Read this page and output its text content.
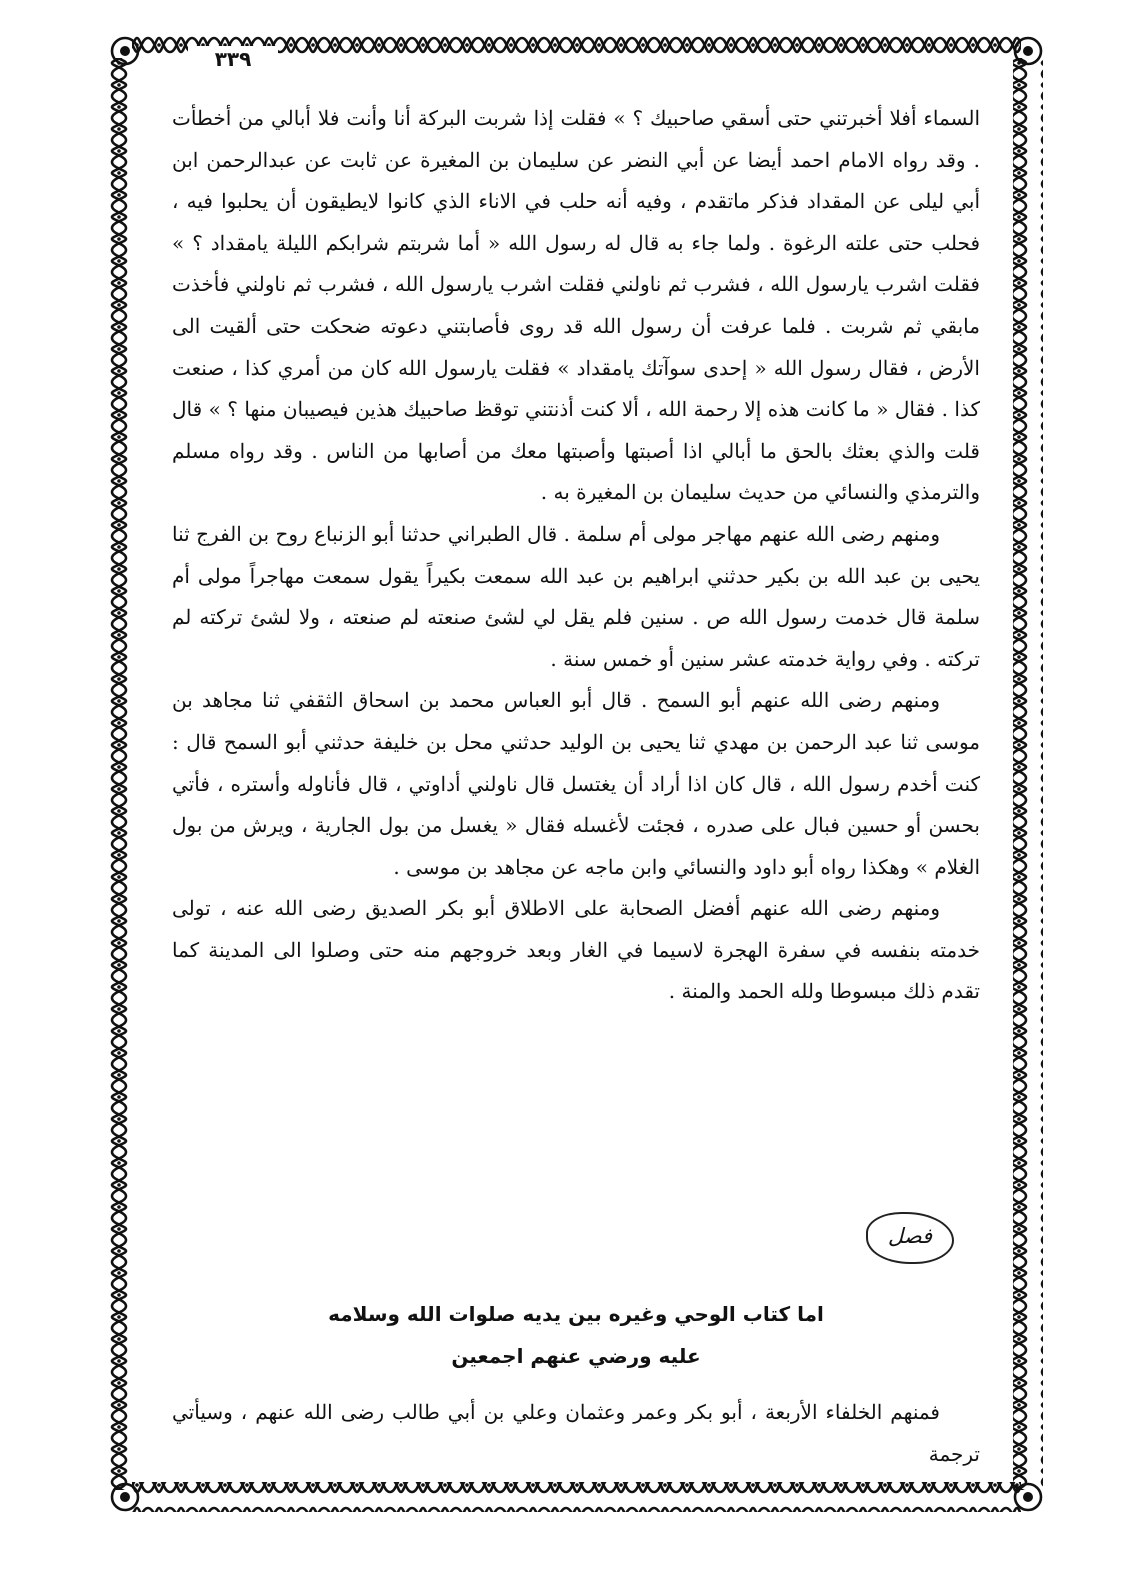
٣٣٩

السماء أفلا أخبرتني حتى أسقي صاحبيك ؟ » فقلت إذا شربت البركة أنا وأنت فلا أبالي من أخطأت . وقد رواه الامام احمد أيضا عن أبي النضر عن سليمان بن المغيرة عن ثابت عن عبدالرحمن ابن أبي ليلى عن المقداد فذكر ماتقدم ، وفيه أنه حلب في الاناء الذي كانوا لايطيقون أن يحلبوا فيه ، فحلب حتى علته الرغوة . ولما جاء به قال له رسول الله « أما شربتم شرابكم الليلة يامقداد ؟ » فقلت اشرب يارسول الله ، فشرب ثم ناولني فقلت اشرب يارسول الله ، فشرب ثم ناولني فأخذت مابقي ثم شربت . فلما عرفت أن رسول الله قد روى فأصابتني دعوته ضحكت حتى ألقيت الى الأرض ، فقال رسول الله « إحدى سوآتك يامقداد » فقلت يارسول الله كان من أمري كذا ، صنعت كذا . فقال « ما كانت هذه إلا رحمة الله ، ألا كنت أذنتني توقظ صاحبيك هذين فيصيبان منها ؟ » قال قلت والذي بعثك بالحق ما أبالي اذا أصبتها وأصبتها معك من أصابها من الناس . وقد رواه مسلم والترمذي والنسائي من حديث سليمان بن المغيرة به .

ومنهم رضى الله عنهم مهاجر مولى أم سلمة . قال الطبراني حدثنا أبو الزنباع روح بن الفرج ثنا يحيى بن عبد الله بن بكير حدثني ابراهيم بن عبد الله سمعت بكيراً يقول سمعت مهاجراً مولى أم سلمة قال خدمت رسول الله ص . سنين فلم يقل لي لشئ صنعته لم صنعته ، ولا لشئ تركته لم تركته . وفي رواية خدمته عشر سنين أو خمس سنة .

ومنهم رضى الله عنهم أبو السمح . قال أبو العباس محمد بن اسحاق الثقفي ثنا مجاهد بن موسى ثنا عبد الرحمن بن مهدي ثنا يحيى بن الوليد حدثني محل بن خليفة حدثني أبو السمح قال : كنت أخدم رسول الله ، قال كان اذا أراد أن يغتسل قال ناولني أداوتي ، قال فأناوله وأستره ، فأتي بحسن أو حسين فبال على صدره ، فجئت لأغسله فقال « يغسل من بول الجارية ، ويرش من بول الغلام » وهكذا رواه أبو داود والنسائي وابن ماجه عن مجاهد بن موسى .

ومنهم رضى الله عنهم أفضل الصحابة على الاطلاق أبو بكر الصديق رضى الله عنه ، تولى خدمته بنفسه في سفرة الهجرة لاسيما في الغار وبعد خروجهم منه حتى وصلوا الى المدينة كما تقدم ذلك مبسوطا ولله الحمد والمنة .

فصل
اما كتاب الوحي وغيره بين يديه صلوات الله وسلامه
عليه ورضي عنهم اجمعين
فمنهم الخلفاء الأربعة ، أبو بكر وعمر وعثمان وعلي بن أبي طالب رضى الله عنهم ، وسيأتي ترجمة
